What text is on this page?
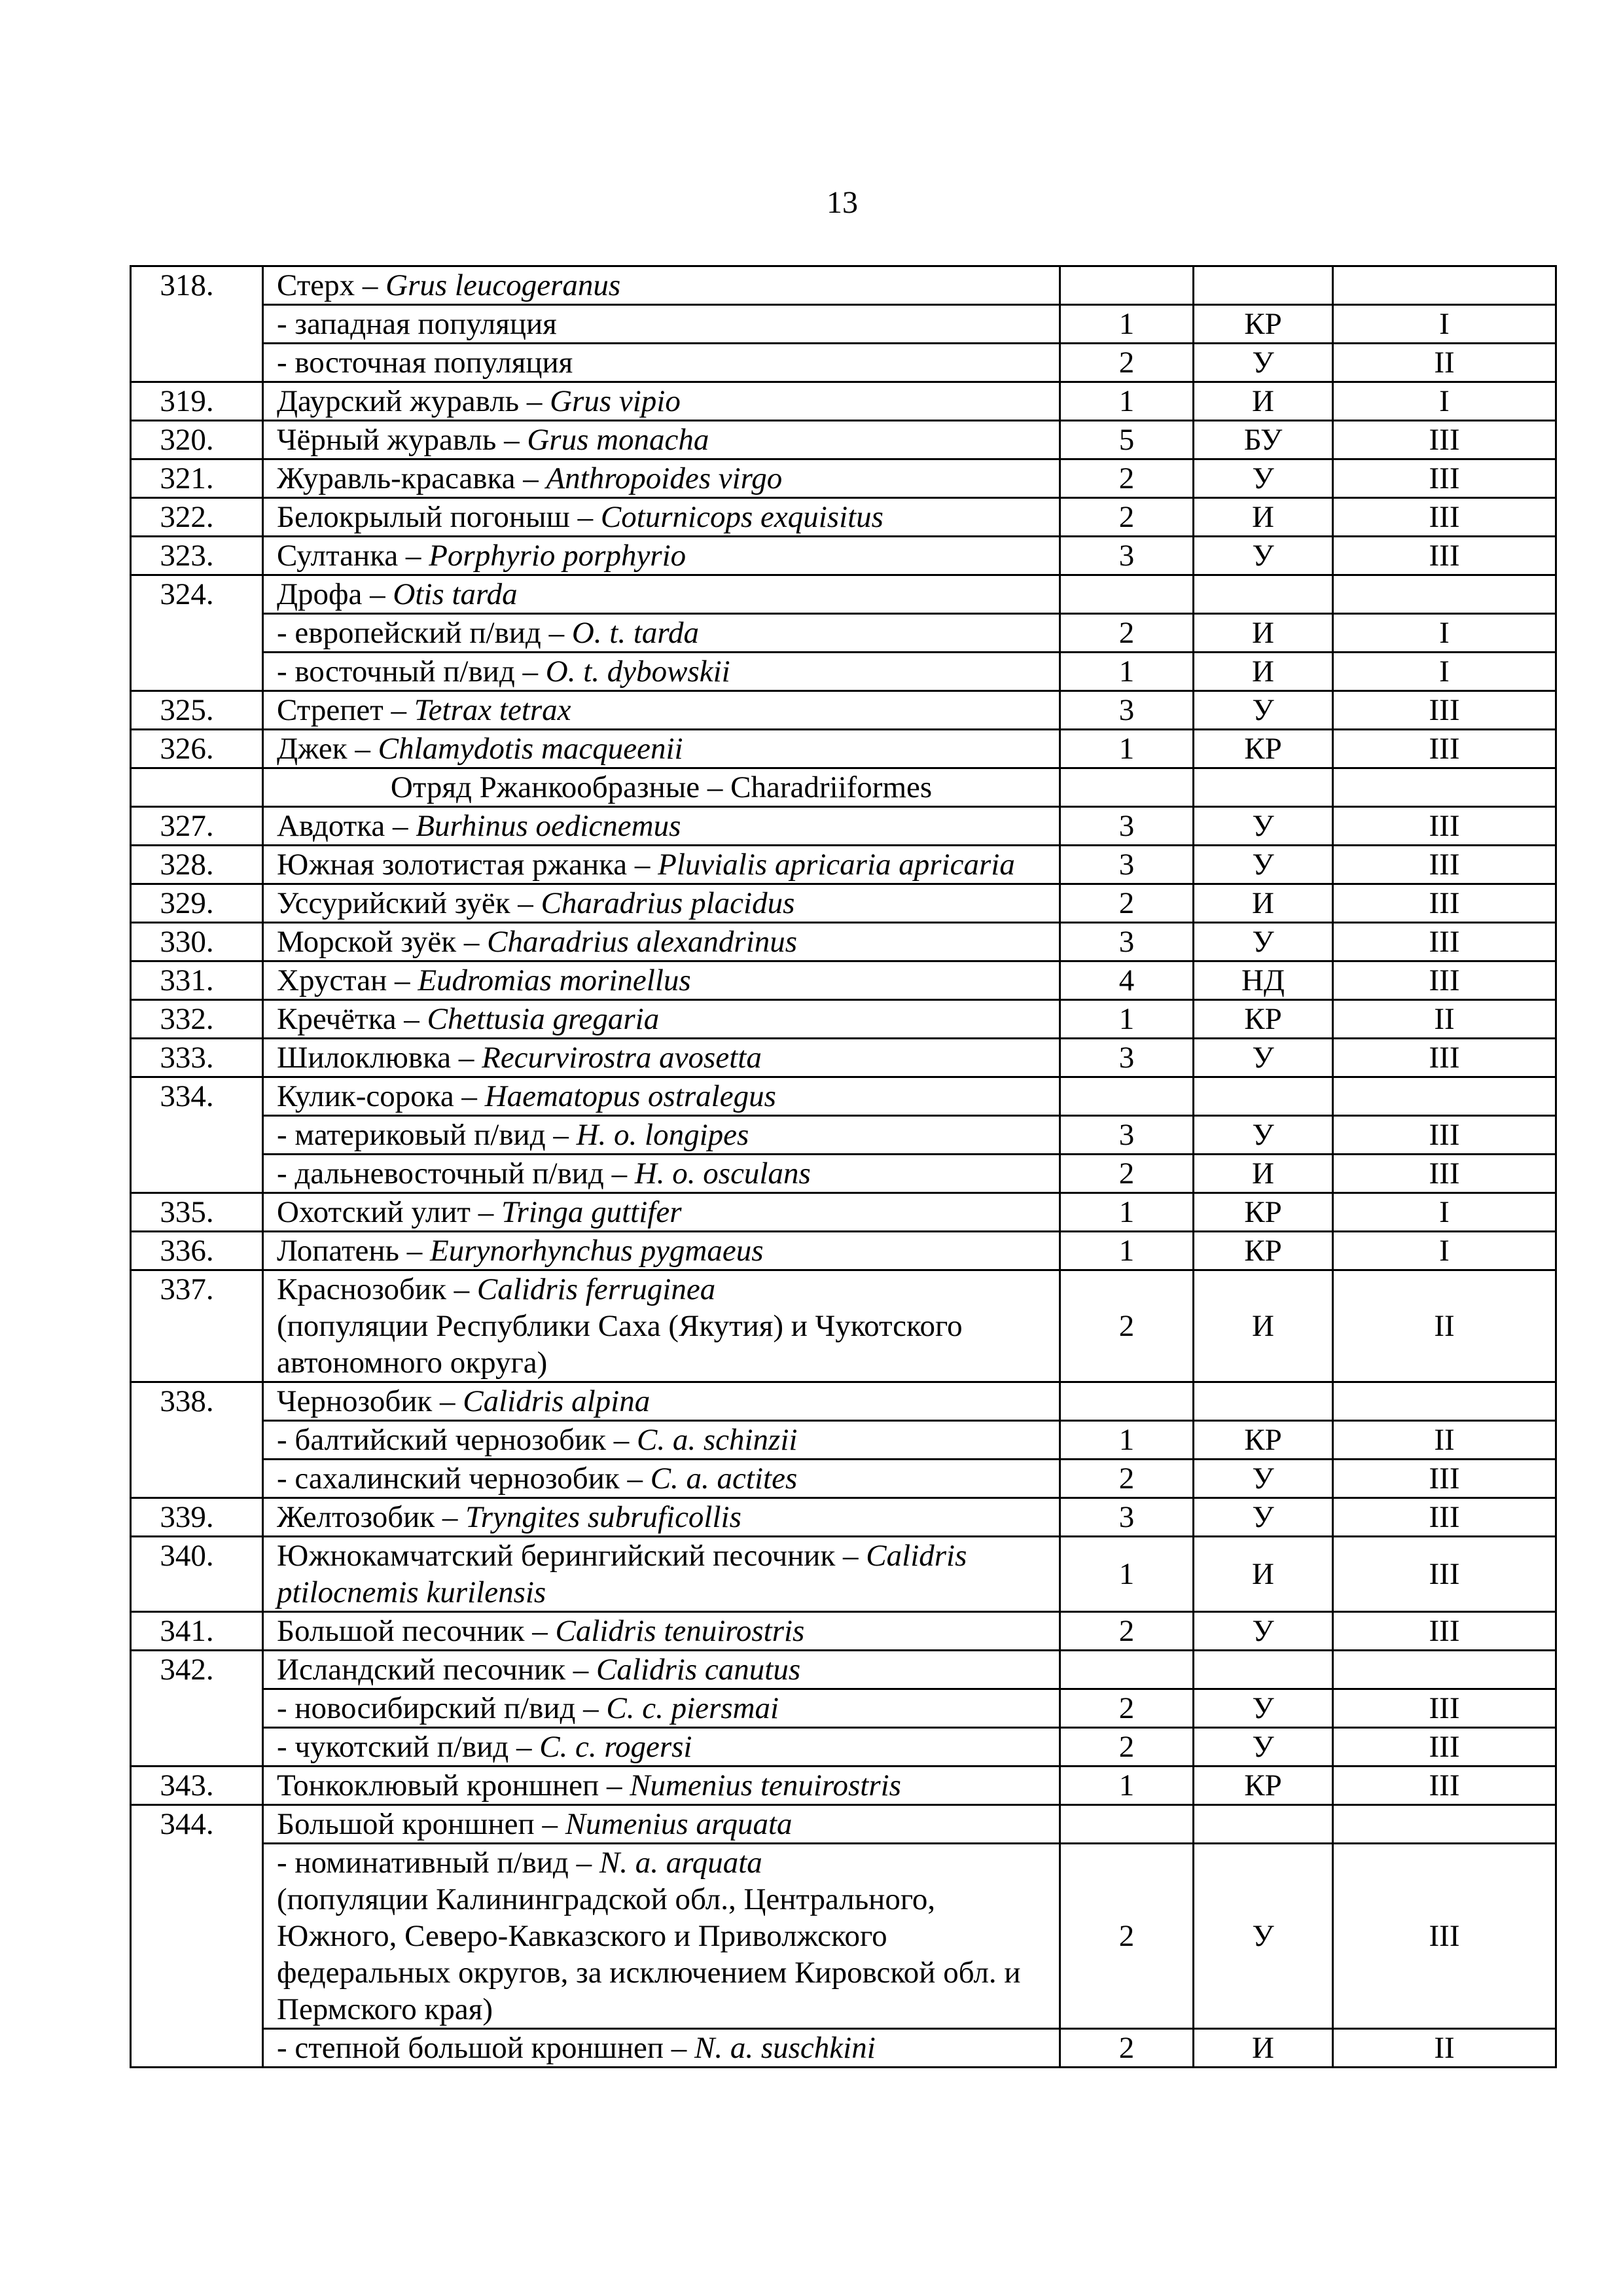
13
318.	Стерх – Grus leucogeranus			
	- западная популяция	1	КР	I
	- восточная популяция	2	У	II
319.	Даурский журавль – Grus vipio	1	И	I
320.	Чёрный журавль – Grus monacha	5	БУ	III
321.	Журавль-красавка – Anthropoides virgo	2	У	III
322.	Белокрылый погоныш – Coturnicops exquisitus	2	И	III
323.	Султанка – Porphyrio porphyrio	3	У	III
324.	Дрофа – Otis tarda			
	- европейский п/вид – O. t. tarda	2	И	I
	- восточный п/вид – O. t. dybowskii	1	И	I
325.	Стрепет – Tetrax tetrax	3	У	III
326.	Джек – Chlamydotis macqueenii	1	КР	III
	Отряд Ржанкообразные – Charadriiformes			
327.	Авдотка – Burhinus oedicnemus	3	У	III
328.	Южная золотистая ржанка – Pluvialis apricaria apricaria	3	У	III
329.	Уссурийский зуёк – Charadrius placidus	2	И	III
330.	Морской зуёк – Charadrius alexandrinus	3	У	III
331.	Хрустан – Eudromias morinellus	4	НД	III
332.	Кречётка – Chettusia gregaria	1	КР	II
333.	Шилоклювка – Recurvirostra avosetta	3	У	III
334.	Кулик-сорока – Haematopus ostralegus			
	- материковый п/вид – H. o. longipes	3	У	III
	- дальневосточный п/вид – H. o. osculans	2	И	III
335.	Охотский улит – Tringa guttifer	1	КР	I
336.	Лопатень – Eurynorhynchus pygmaeus	1	КР	I
337.	Краснозобик – Calidris ferruginea
(популяции Республики Саха (Якутия) и Чукотского автономного округа)	2	И	II
338.	Чернозобик – Calidris alpina			
	- балтийский чернозобик – C. a. schinzii	1	КР	II
	- сахалинский чернозобик – C. a. actites	2	У	III
339.	Желтозобик – Tryngites subruficollis	3	У	III
340.	Южнокамчатский берингийский песочник – Calidris ptilocnemis kurilensis	1	И	III
341.	Большой песочник – Calidris tenuirostris	2	У	III
342.	Исландский песочник – Calidris canutus			
	- новосибирский п/вид – C. c. piersmai	2	У	III
	- чукотский п/вид – C. c. rogersi	2	У	III
343.	Тонкоклювый кроншнеп – Numenius tenuirostris	1	КР	III
344.	Большой кроншнеп – Numenius arquata			
	- номинативный п/вид – N. a. arquata
(популяции Калининградской обл., Центрального, Южного, Северо-Кавказского и Приволжского федеральных округов, за исключением Кировской обл. и Пермского края)	2	У	III
	- степной большой кроншнеп – N. a. suschkini	2	И	II
